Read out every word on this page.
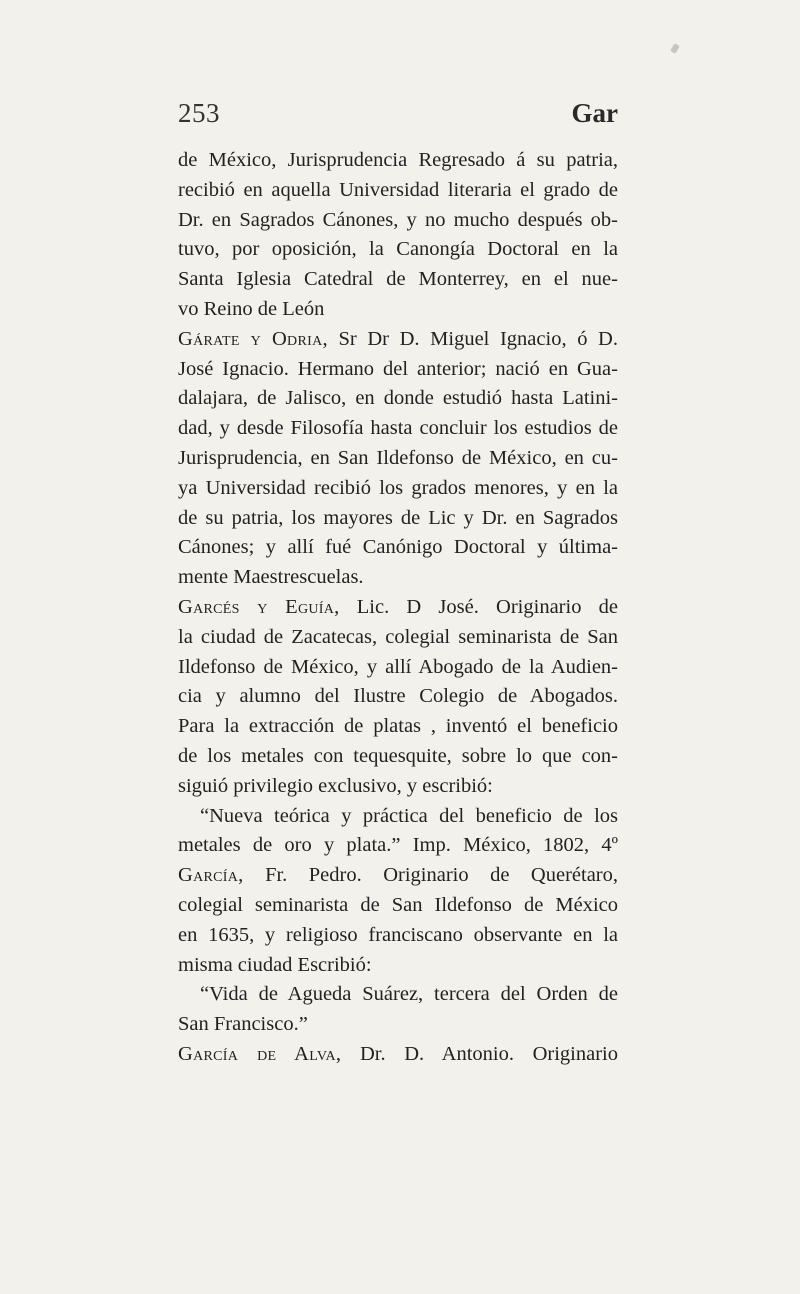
253	Gar
de México, Jurisprudencia Regresado á su patria,
recibió en aquella Universidad literaria el grado de
Dr. en Sagrados Cánones, y no mucho después ob-
tuvo, por oposición, la Canongía Doctoral en la
Santa Iglesia Catedral de Monterrey, en el nue-
vo Reino de León
Gárate y Odria, Sr Dr D. Miguel Ignacio, ó D.
José Ignacio. Hermano del anterior; nació en Gua-
dalajara, de Jalisco, en donde estudió hasta Latini-
dad, y desde Filosofía hasta concluir los estudios de
Jurisprudencia, en San Ildefonso de México, en cu-
ya Universidad recibió los grados menores, y en la
de su patria, los mayores de Lic y Dr. en Sagrados
Cánones; y allí fué Canónigo Doctoral y última-
mente Maestrescuelas.
Garcés y Eguía, Lic. D José. Originario de
la ciudad de Zacatecas, colegial seminarista de San
Ildefonso de México, y allí Abogado de la Audien-
cia y alumno del Ilustre Colegio de Abogados.
Para la extracción de platas , inventó el beneficio
de los metales con tequesquite, sobre lo que con-
siguió privilegio exclusivo, y escribió:
“Nueva teórica y práctica del beneficio de los
metales de oro y plata.” Imp. México, 1802, 4º
García, Fr. Pedro. Originario de Querétaro,
colegial seminarista de San Ildefonso de México
en 1635, y religioso franciscano observante en la
misma ciudad Escribió:
“Vida de Agueda Suárez, tercera del Orden de
San Francisco.”
García de Alva, Dr. D. Antonio. Originario
